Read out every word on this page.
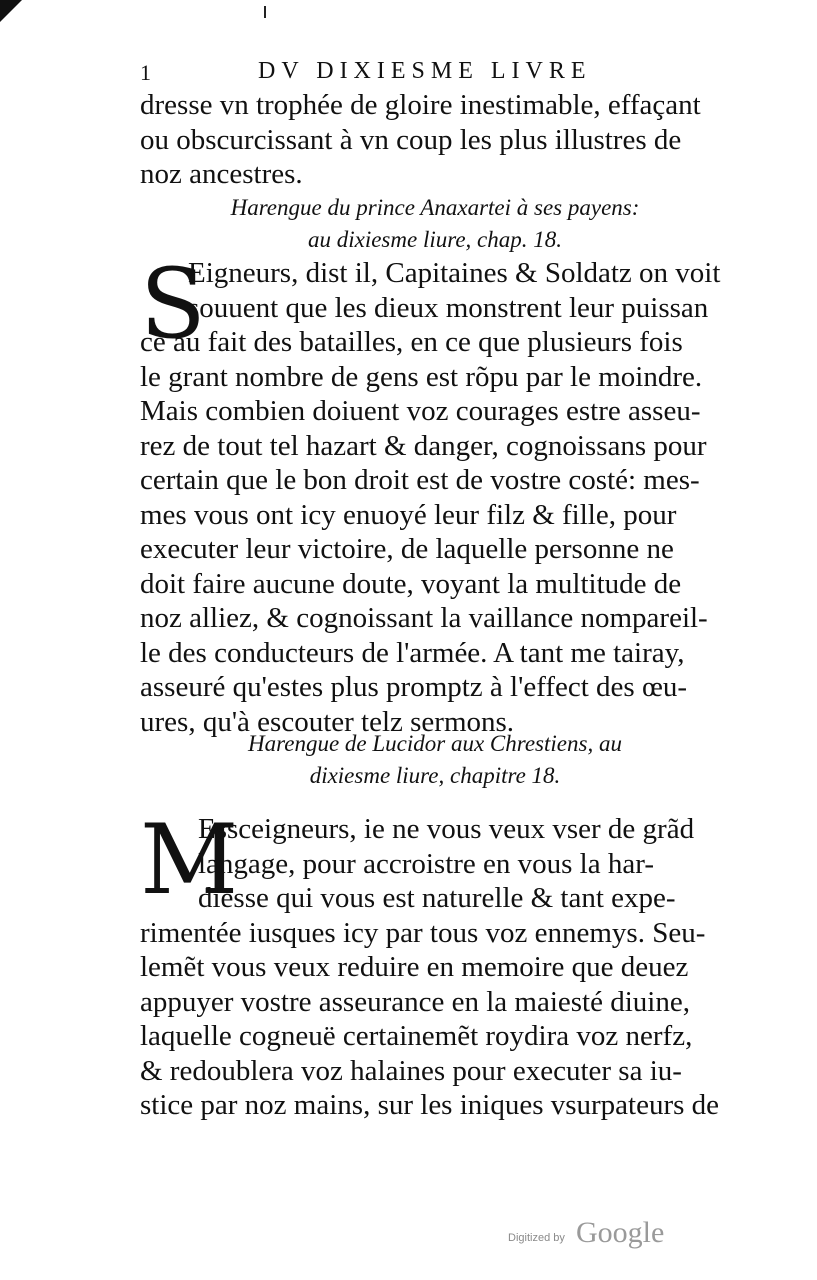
1	DV DIXIESME LIVRE
dresse vn trophée de gloire inestimable, effaçant
ou obscurcissant à vn coup les plus illustres de
noz ancestres.
Harengue du prince Anaxartei à ses payens:
au dixiesme liure, chap. 18.
S
Eigneurs, dist il, Capitaines & Soldatz on voit
souuent que les dieux monstrent leur puissan
ce au fait des batailles, en ce que plusieurs fois
le grant nombre de gens est rõpu par le moindre.
Mais combien doiuent voz courages estre asseu-
rez de tout tel hazart & danger, cognoissans pour
certain que le bon droit est de vostre costé: mes-
mes vous ont icy enuoyé leur filz & fille, pour
executer leur victoire, de laquelle personne ne
doit faire aucune doute, voyant la multitude de
noz alliez, & cognoissant la vaillance nompareil-
le des conducteurs de l'armée. A tant me tairay,
asseuré qu'estes plus promptz à l'effect des œu-
ures, qu'à escouter telz sermons.
Harengue de Lucidor aux Chrestiens, au
dixiesme liure, chapitre 18.
M
Essceigneurs, ie ne vous veux vser de grãd
langage, pour accroistre en vous la har-
diesse qui vous est naturelle & tant expe-
rimentée iusques icy par tous voz ennemys. Seu-
lemẽt vous veux reduire en memoire que deuez
appuyer vostre asseurance en la maiesté diuine,
laquelle cogneuë certainemẽt roydira voz nerfz,
& redoublera voz halaines pour executer sa iu-
stice par noz mains, sur les iniques vsurpateurs de
Digitized by Google
